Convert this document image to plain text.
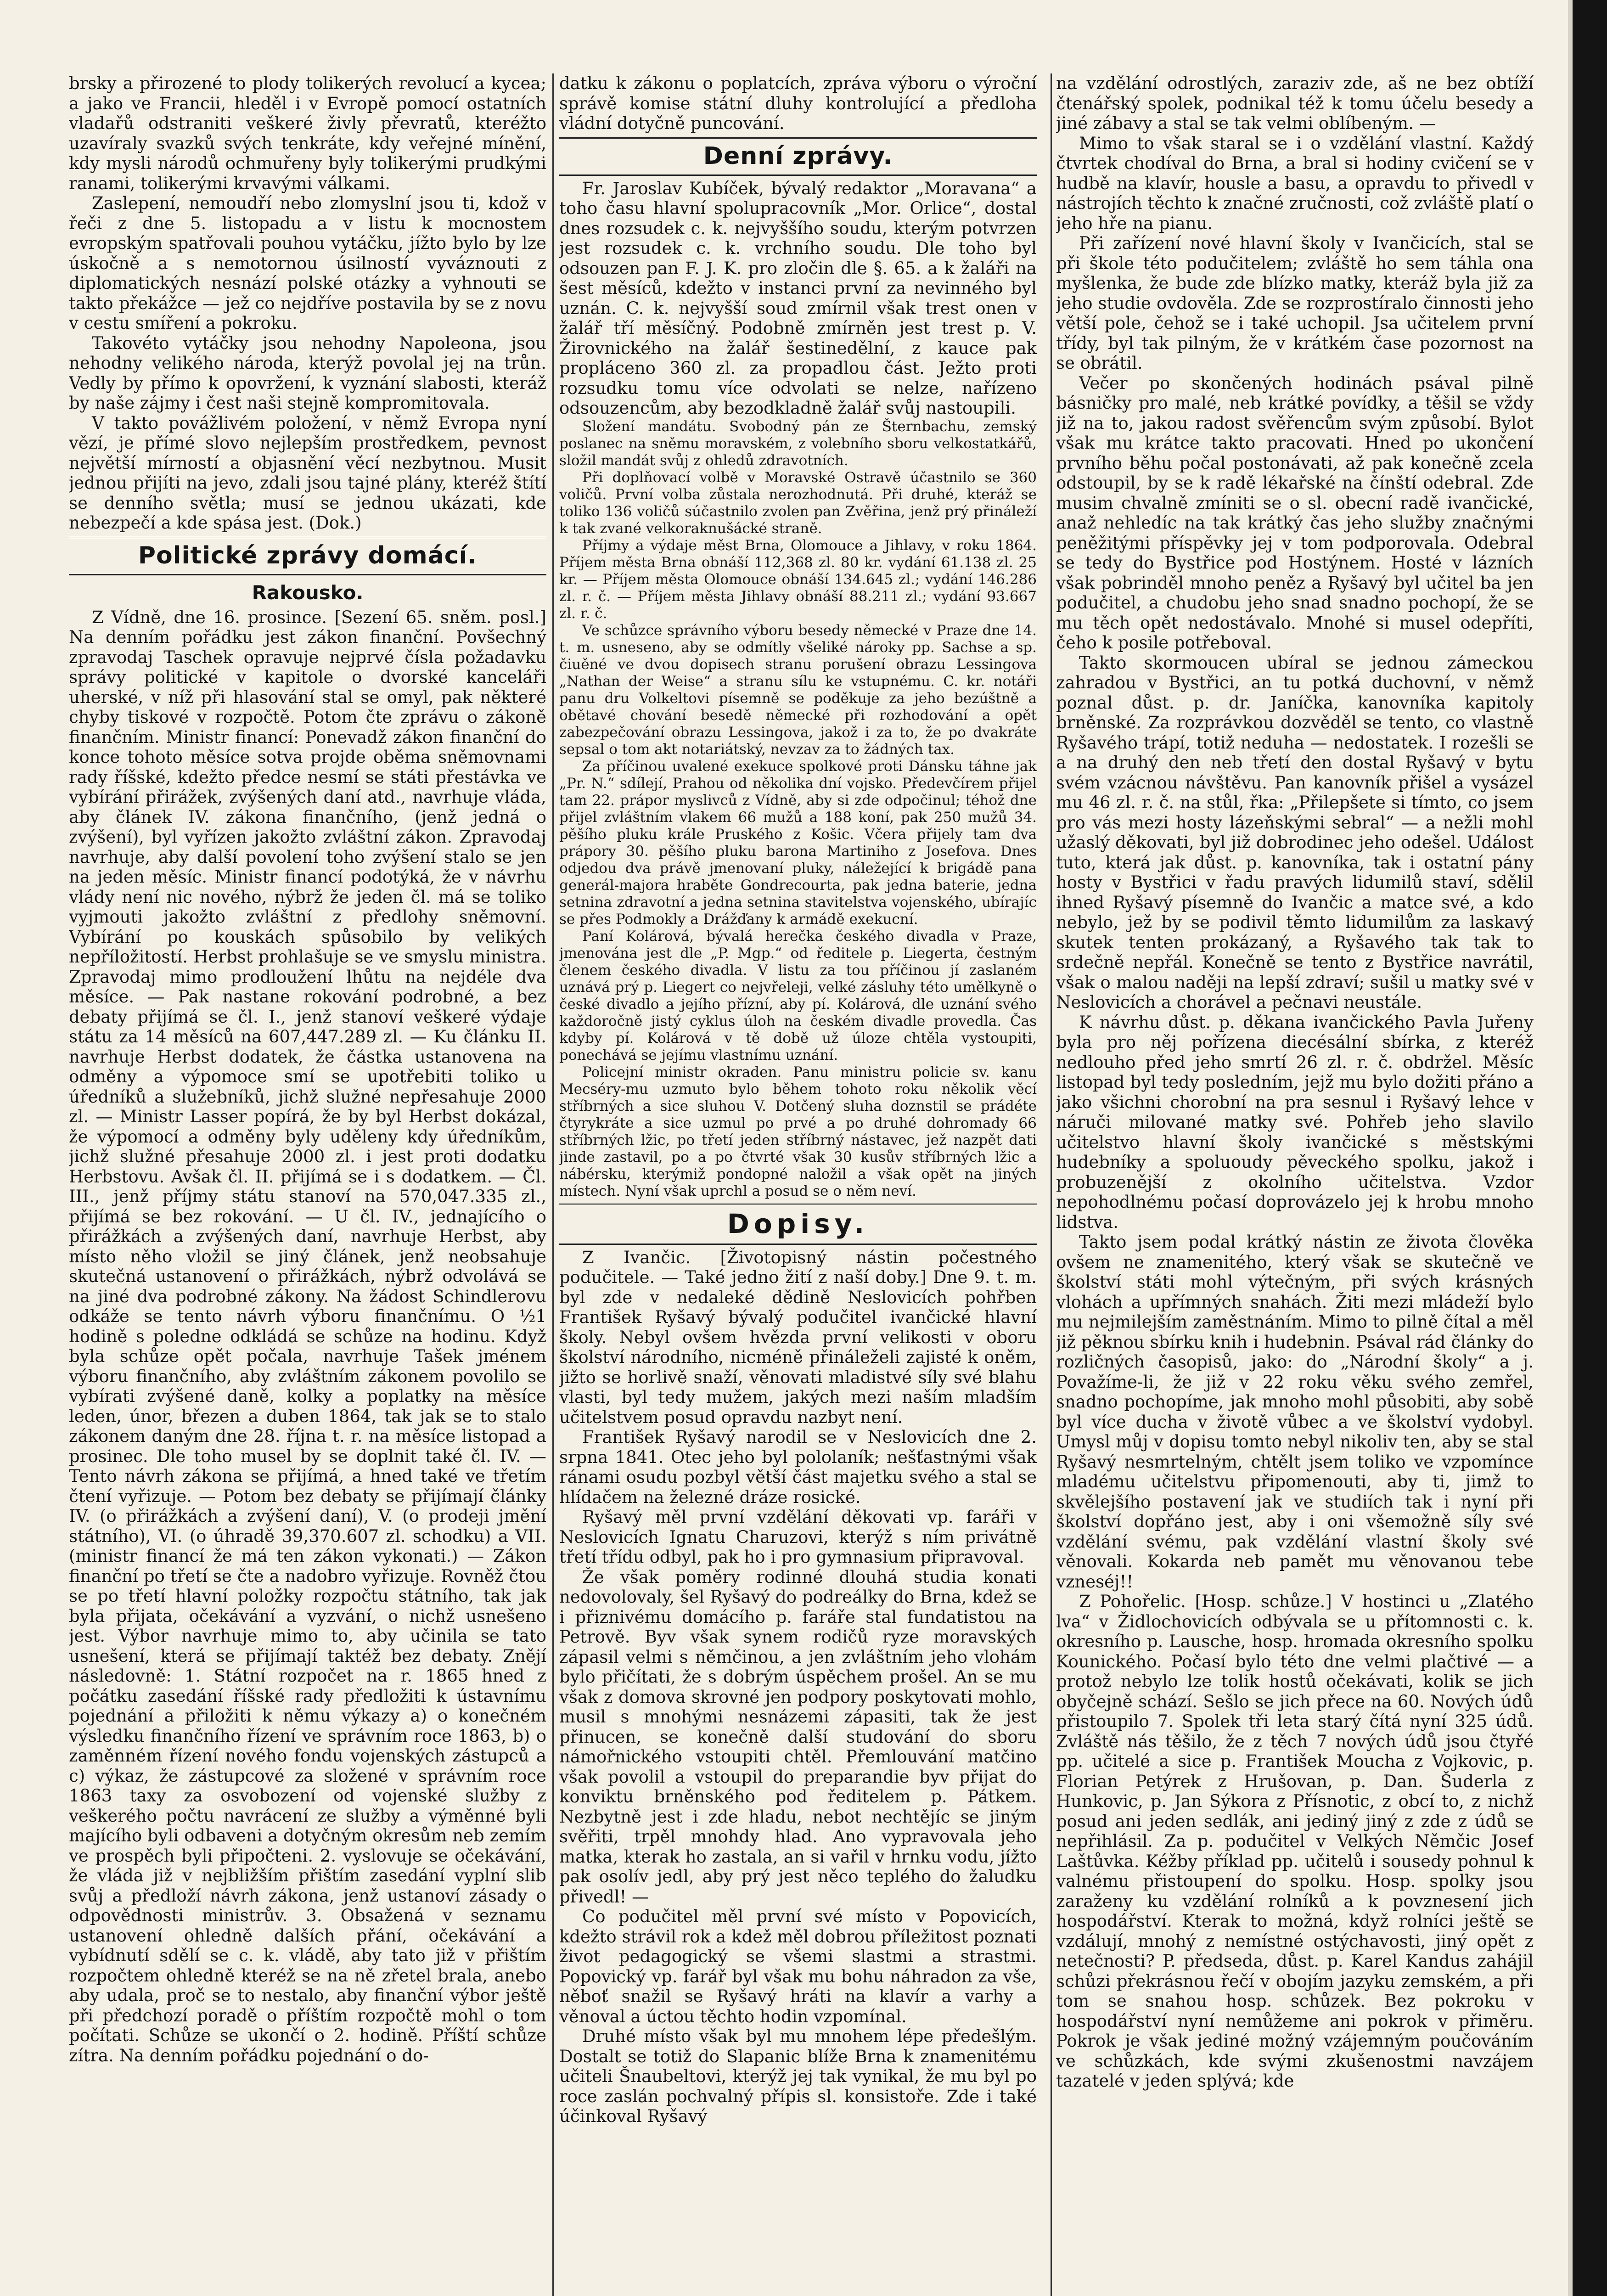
brsky a přirozené to plody tolikerých revolucí a kycea; a jako ve Francii, hleděl i v Evropě pomocí ostatních vladařů odstraniti veškeré živly převratů, kteréžto uzavíraly svazků svých tenkráte, kdy veřejné mínění, kdy mysli národů ochmuřeny byly tolikerými prudkými ranami, tolikerými krvavými válkami.

Zaslepení, nemoudří nebo zlomyslní jsou ti, kdož v řeči z dne 5. listopadu a v listu k mocnostem evropským spatřovali pouhou vytáčku, jížto bylo by lze úskočně a s nemotornou úsilností vyváznouti z diplomatických nesnází polské otázky a vyhnouti se takto překážce — jež co nejdříve postavila by se z novu v cestu smíření a pokroku.

Takovéto vytáčky jsou nehodny Napoleona, jsou nehodny velikého národa, kterýž povolal jej na trůn. Vedly by přímo k opovržení, k vyznání slabosti, kteráž by naše zájmy i čest naši stejně kompromitovala.

V takto povážlivém položení, v němž Evropa nyní vězí, je přímé slovo nejlepším prostředkem, pevnost největší mírností a objasnění věcí nezbytnou. Musit jednou přijíti na jevo, zdali jsou tajné plány, kteréž štítí se denního světla; musí se jednou ukázati, kde nebezpečí a kde spása jest. (Dok.)

Politické zprávy domácí.
Rakousko.

Z Vídně, dne 16. prosince. [Sezení 65. sněm. posl.] Na denním pořádku jest zákon finanční. Povšechný zpravodaj Taschek opravuje nejprvé čísla požadavku správy politické v kapitole o dvorské kanceláři uherské, v níž při hlasování stal se omyl, pak některé chyby tiskové v rozpočtě. Potom čte zprávu o zákoně finančním. Ministr financí: Ponevadž zákon finanční do konce tohoto měsíce sotva projde oběma sněmovnami rady říšské, kdežto předce nesmí se státi přestávka ve vybírání přirážek, zvýšených daní atd., navrhuje vláda, aby článek IV. zákona finančního, (jenž jedná o zvýšení), byl vyřízen jakožto zvláštní zákon. Zpravodaj navrhuje, aby další povolení toho zvýšení stalo se jen na jeden měsíc. Ministr financí podotýká, že v návrhu vlády není nic nového, nýbrž že jeden čl. má se toliko vyjmouti jakožto zvláštní z předlohy sněmovní. Vybírání po kouskách spůsobilo by velikých nepříložitostí. Herbst prohlašuje se ve smyslu ministra. Zpravodaj mimo prodloužení lhůtu na nejdéle dva měsíce. — Pak nastane rokování podrobné, a bez debaty přijímá se čl. I., jenž stanoví veškeré výdaje státu za 14 měsíců na 607,447.289 zl. — Ku článku II. navrhuje Herbst dodatek, že částka ustanovena na odměny a výpomoce smí se upotřebiti toliko u úředníků a služebníků, jichž služné nepřesahuje 2000 zl. — Ministr Lasser popírá, že by byl Herbst dokázal, že výpomocí a odměny byly uděleny kdy úředníkům, jichž služné přesahuje 2000 zl. i jest proti dodatku Herbstovu. Avšak čl. II. přijímá se i s dodatkem. — Čl. III., jenž příjmy státu stanoví na 570,047.335 zl., přijímá se bez rokování. — U čl. IV., jednajícího o přirážkách a zvýšených daní, navrhuje Herbst, aby místo něho vložil se jiný článek, jenž neobsahuje skutečná ustanovení o přirážkách, nýbrž odvolává se na jiné dva podrobné zákony. Na žádost Schindlerovu odkáže se tento návrh výboru finančnímu. O ½1 hodině s poledne odkládá se schůze na hodinu. Když byla schůze opět počala, navrhuje Tašek jménem výboru finančního, aby zvláštním zákonem povolilo se vybírati zvýšené daně, kolky a poplatky na měsíce leden, únor, březen a duben 1864, tak jak se to stalo zákonem daným dne 28. října t. r. na měsíce listopad a prosinec. Dle toho musel by se doplnit také čl. IV. — Tento návrh zákona se přijímá, a hned také ve třetím čtení vyřizuje. — Potom bez debaty se přijímají články IV. (o přirážkách a zvýšení daní), V. (o prodeji jmění státního), VI. (o úhradě 39,370.607 zl. schodku) a VII. (ministr financí že má ten zákon vykonati.) — Zákon finanční po třetí se čte a nadobro vyřizuje. Rovněž čtou se po třetí hlavní položky rozpočtu státního, tak jak byla přijata, očekávání a vyzvání, o nichž usnešeno jest. Výbor navrhuje mimo to, aby učinila se tato usnešení, která se přijímají taktéž bez debaty. Znějí následovně: 1. Státní rozpočet na r. 1865 hned z počátku zasedání říšské rady předložiti k ústavnímu pojednání a přiložiti k němu výkazy a) o konečném výsledku finančního řízení ve správním roce 1863, b) o zaměnném řízení nového fondu vojenských zástupců a c) výkaz, že zástupcové za složené v správním roce 1863 taxy za osvobození od vojenské služby z veškerého počtu navrácení ze služby a výměnné byli majícího byli odbaveni a dotyčným okresům neb zemím ve prospěch byli připočteni. 2. vyslovuje se očekávání, že vláda již v nejbližším přištím zasedání vyplní slib svůj a předloží návrh zákona, jenž ustanoví zásady o odpovědnosti ministrův. 3. Obsažená v seznamu ustanovení ohledně dalších přání, očekávání a vybídnutí sdělí se c. k. vládě, aby tato již v přištím rozpočtem ohledně kteréž se na ně zřetel brala, anebo aby udala, proč se to nestalo, aby finanční výbor ještě při předchozí poradě o příštím rozpočtě mohl o tom počítati. Schůze se ukončí o 2. hodině. Příští schůze zítra. Na denním pořádku pojednání o do-

datku k zákonu o poplatcích, zpráva výboru o výroční správě komise státní dluhy kontrolující a předloha vládní dotyčně puncování.

Denní zprávy.

Fr. Jaroslav Kubíček, bývalý redaktor „Moravana“ a toho času hlavní spolupracovník „Mor. Orlice“, dostal dnes rozsudek c. k. nejvyššího soudu, kterým potvrzen jest rozsudek c. k. vrchního soudu. Dle toho byl odsouzen pan F. J. K. pro zločin dle §. 65. a k žaláři na šest měsíců, kdežto v instanci první za nevinného byl uznán. C. k. nejvyšší soud zmírnil však trest onen v žalář tří měsíčný. Podobně zmírněn jest trest p. V. Žirovnického na žalář šestinedělní, z kauce pak propláceno 360 zl. za propadlou část. Ježto proti rozsudku tomu více odvolati se nelze, nařízeno odsouzencům, aby bezodkladně žalář svůj nastoupili.

Složení mandátu. Svobodný pán ze Šternbachu, zemský poslanec na sněmu moravském, z volebního sboru velkostatkářů, složil mandát svůj z ohledů zdravotních.

Při doplňovací volbě v Moravské Ostravě účastnilo se 360 voličů. První volba zůstala nerozhodnutá. Při druhé, kteráž se toliko 136 voličů súčastnilo zvolen pan Zvěřina, jenž prý přináleží k tak zvané velkoraknušácké straně.

Příjmy a výdaje měst Brna, Olomouce a Jihlavy, v roku 1864. Příjem města Brna obnáší 112,368 zl. 80 kr. vydání 61.138 zl. 25 kr. — Příjem města Olomouce obnáší 134.645 zl.; vydání 146.286 zl. r. č. — Příjem města Jihlavy obnáší 88.211 zl.; vydání 93.667 zl. r. č.

Ve schůzce správního výboru besedy německé v Praze dne 14. t. m. usneseno, aby se odmítly všeliké nároky pp. Sachse a sp. čiuěné ve dvou dopisech stranu porušení obrazu Lessingova „Nathan der Weise“ a stranu sílu ke vstupnému. C. kr. notáři panu dru Volkeltovi písemně se poděkuje za jeho bezúštně a obětavé chování besedě německé při rozhodování a opět zabezpečování obrazu Lessingova, jakož i za to, že po dvakráte sepsal o tom akt notariátský, nevzav za to žádných tax.

Za příčinou uvalené exekuce spolkové proti Dánsku táhne jak „Pr. N.“ sdílejí, Prahou od několika dní vojsko. Předevčírem přijel tam 22. prápor myslivců z Vídně, aby si zde odpočinul; téhož dne přijel zvláštním vlakem 66 mužů a 188 koní, pak 250 mužů 34. pěšího pluku krále Pruského z Košic. Včera přijely tam dva prápory 30. pěšího pluku barona Martiniho z Josefova. Dnes odjedou dva právě jmenovaní pluky, náležející k brigádě pana generál-majora hraběte Gondrecourta, pak jedna baterie, jedna setnina zdravotní a jedna setnina stavitelstva vojenského, ubírajíc se přes Podmokly a Drážďany k armádě exekucní.

Paní Kolárová, bývalá herečka českého divadla v Praze, jmenována jest dle „P. Mgp.“ od ředitele p. Liegerta, čestným členem českého divadla. V listu za tou příčinou jí zaslaném uznává prý p. Liegert co nejvřeleji, velké zásluhy této umělkyně o české divadlo a jejího přízní, aby pí. Kolárová, dle uznání svého každoročně jistý cyklus úloh na českém divadle provedla. Čas kdyby pí. Kolárová v tě době už úloze chtěla vystoupiti, ponechává se jejímu vlastnímu uznání.

Policejní ministr okraden. Panu ministru policie sv. kanu Mecséry-mu uzmuto bylo během tohoto roku několik věcí stříbrných a sice sluhou V. Dotčený sluha doznstil se prádéte čtyrykráte a sice uzmul po prvé a po druhé dohromady 66 stříbrných lžic, po třetí jeden stříbrný nástavec, jež nazpět dati jinde zastavil, po a po čtvrté však 30 kusův stříbrných lžic a nábérsku, kterýmiž pondopné naložil a však opět na jiných místech. Nyní však uprchl a posud se o něm neví.

Dopisy.

Z Ivančic. [Životopisný nástin počestného podučitele. — Také jedno žití z naší doby.] Dne 9. t. m. byl zde v nedaleké dědině Neslovicích pohřben František Ryšavý bývalý podučitel ivančické hlavní školy. Nebyl ovšem hvězda první velikosti v oboru školství národního, nicméně přináleželi zajisté k oněm, jižto se horlivě snaží, věnovati mladistvé síly své blahu vlasti, byl tedy mužem, jakých mezi naším mladším učitelstvem posud opravdu nazbyt není.

František Ryšavý narodil se v Neslovicích dne 2. srpna 1841. Otec jeho byl pololaník; nešťastnými však ránami osudu pozbyl větší část majetku svého a stal se hlídačem na železné dráze rosické.

Ryšavý měl první vzdělání děkovati vp. faráři v Neslovicích Ignatu Charuzovi, kterýž s ním privátně třetí třídu odbyl, pak ho i pro gymnasium připravoval.

Že však poměry rodinné dlouhá studia konati nedovolovaly, šel Ryšavý do podreálky do Brna, kdež se i přiznivému domácího p. faráře stal fundatistou na Petrově. Byv však synem rodičů ryze moravských zápasil velmi s němčinou, a jen zvláštním jeho vlohám bylo přičítati, že s dobrým úspěchem prošel. An se mu však z domova skrovné jen podpory poskytovati mohlo, musil s mnohými nesnázemi zápasiti, tak že jest přinucen, se konečně další studování do sboru námořnického vstoupiti chtěl. Přemlouvání matčino však povolil a vstoupil do preparandie byv přijat do konviktu brněnského pod ředitelem p. Pátkem. Nezbytně jest i zde hladu, nebot nechtějíc se jiným svěřiti, trpěl mnohdy hlad. Ano vypravovala jeho matka, kterak ho zastala, an si vařil v hrnku vodu, jížto pak osolív jedl, aby prý jest něco teplého do žaludku přivedl! —

Co podučitel měl první své místo v Popovicích, kdežto strávil rok a kdež měl dobrou příležitost poznati život pedagogický se všemi slastmi a strastmi. Popovický vp. farář byl však mu bohu náhradon za vše, něboť snažil se Ryšavý hráti na klavír a varhy a věnoval a úctou těchto hodin vzpomínal.

Druhé místo však byl mu mnohem lépe předešlým. Dostalt se totiž do Slapanic blíže Brna k znamenitému učiteli Šnaubeltovi, kterýž jej tak vynikal, že mu byl po roce zaslán pochvalný přípis sl. konsistoře. Zde i také účinkoval Ryšavý

na vzdělání odrostlých, zaraziv zde, aš ne bez obtíží čtenářský spolek, podnikal též k tomu účelu besedy a jiné zábavy a stal se tak velmi oblíbeným. —

Mimo to však staral se i o vzdělání vlastní. Každý čtvrtek chodíval do Brna, a bral si hodiny cvičení se v hudbě na klavír, housle a basu, a opravdu to přivedl v nástrojích těchto k značné zručnosti, což zvláště platí o jeho hře na pianu.

Při zařízení nové hlavní školy v Ivančicích, stal se při škole této podučitelem; zvláště ho sem táhla ona myšlenka, že bude zde blízko matky, kteráž byla již za jeho studie ovdověla. Zde se rozprostíralo činnosti jeho větší pole, čehož se i také uchopil. Jsa učitelem první třídy, byl tak pilným, že v krátkém čase pozornost na se obrátil.

Večer po skončených hodinách psával pilně básničky pro malé, neb krátké povídky, a těšil se vždy již na to, jakou radost svěřencům svým způsobí. Bylot však mu krátce takto pracovati. Hned po ukončení prvního běhu počal postonávati, až pak konečně zcela odstoupil, by se k radě lékařské na čínští odebral. Zde musim chvalně zmíniti se o sl. obecní radě ivančické, anaž nehledíc na tak krátký čas jeho služby značnými peněžitými příspěvky jej v tom podporovala. Odebral se tedy do Bystřice pod Hostýnem. Hosté v lázních však pobrinděl mnoho peněz a Ryšavý byl učitel ba jen podučitel, a chudobu jeho snad snadno pochopí, že se mu těch opět nedostávalo. Mnohé si musel odepříti, čeho k posile potřeboval.

Takto skormoucen ubíral se jednou zámeckou zahradou v Bystřici, an tu potká duchovní, v němž poznal důst. p. dr. Janíčka, kanovníka kapitoly brněnské. Za rozprávkou dozvěděl se tento, co vlastně Ryšavého trápí, totiž neduha — nedostatek. I rozešli se a na druhý den neb třetí den dostal Ryšavý v bytu svém vzácnou návštěvu. Pan kanovník přišel a vysázel mu 46 zl. r. č. na stůl, řka: „Přilepšete si tímto, co jsem pro vás mezi hosty lázeňskými sebral“ — a nežli mohl užaslý děkovati, byl již dobrodinec jeho odešel. Událost tuto, která jak důst. p. kanovníka, tak i ostatní pány hosty v Bystřici v řadu pravých lidumilů staví, sdělil ihned Ryšavý písemně do Ivančic a matce své, a kdo nebylo, jež by se podivil těmto lidumilům za laskavý skutek tenten prokázaný, a Ryšavého tak tak to srdečně nepřál. Konečně se tento z Bystřice navrátil, však o malou naději na lepší zdraví; sušil u matky své v Neslovicích a chorável a pečnavi neustále.

K návrhu důst. p. děkana ivančického Pavla Juřeny byla pro něj pořízena diecésální sbírka, z kteréž nedlouho před jeho smrtí 26 zl. r. č. obdržel. Měsíc listopad byl tedy posledním, jejž mu bylo dožiti přáno a jako všichni chorobní na pra sesnul i Ryšavý lehce v náruči milované matky své. Pohřeb jeho slavilo učitelstvo hlavní školy ivančické s městskými hudebníky a spoluoudy pěveckého spolku, jakož i probuzenější z okolního učitelstva. Vzdor nepohodlnému počasí doprovázelo jej k hrobu mnoho lidstva.

Takto jsem podal krátký nástin ze života člověka ovšem ne znamenitého, který však se skutečně ve školství státi mohl výtečným, při svých krásných vlohách a upřímných snahách. Žiti mezi mládeží bylo mu nejmilejším zaměstnáním. Mimo to pilně čítal a měl již pěknou sbírku knih i hudebnin. Psával rád články do rozličných časopisů, jako: do „Národní školy“ a j. Považíme-li, že již v 22 roku věku svého zemřel, snadno pochopíme, jak mnoho mohl působiti, aby sobě byl více ducha v životě vůbec a ve školství vydobyl. Umysl můj v dopisu tomto nebyl nikoliv ten, aby se stal Ryšavý nesmrtelným, chtělt jsem toliko ve vzpomínce mladému učitelstvu připomenouti, aby ti, jimž to skvělejšího postavení jak ve studiích tak i nyní při školství dopřáno jest, aby i oni všemožně síly své vzdělání svému, pak vzdělání vlastní školy své věnovali. Kokarda neb pamět mu věnovanou tebe vzneséj!!

Z Pohořelic. [Hosp. schůze.] V hostinci u „Zlatého lva“ v Židlochovicích odbývala se u přítomnosti c. k. okresního p. Lausche, hosp. hromada okresního spolku Kounického. Počasí bylo této dne velmi plačtivé — a protož nebylo lze tolik hostů očekávati, kolik se jich obyčejně schází. Sešlo se jich přece na 60. Nových údů přistoupilo 7. Spolek tři leta starý čítá nyní 325 údů. Zvláště nás těšilo, že z těch 7 nových údů jsou čtyřé pp. učitelé a sice p. František Moucha z Vojkovic, p. Florian Petýrek z Hrušovan, p. Dan. Šuderla z Hunkovic, p. Jan Sýkora z Přísnotic, z obcí to, z nichž posud ani jeden sedlák, ani jediný jiný z zde z údů se nepřihlásil. Za p. podučitel v Velkých Němčic Josef Laštůvka. Kéžby příklad pp. učitelů i sousedy pohnul k valnému přistoupení do spolku. Hosp. spolky jsou zaraženy ku vzdělání rolníků a k povznesení jich hospodářství. Kterak to možná, když rolníci ještě se vzdálují, mnohý z nemístné ostýchavosti, jiný opět z netečnosti? P. předseda, důst. p. Karel Kandus zahájil schůzi překrásnou řečí v obojím jazyku zemském, a při tom se snahou hosp. schůzek. Bez pokroku v hospodářství nyní nemůžeme ani pokrok v přiměru. Pokrok je však jediné možný vzájemným poučováním ve schůzkách, kde svými zkušenostmi navzájem tazatelé v jeden splývá; kde
